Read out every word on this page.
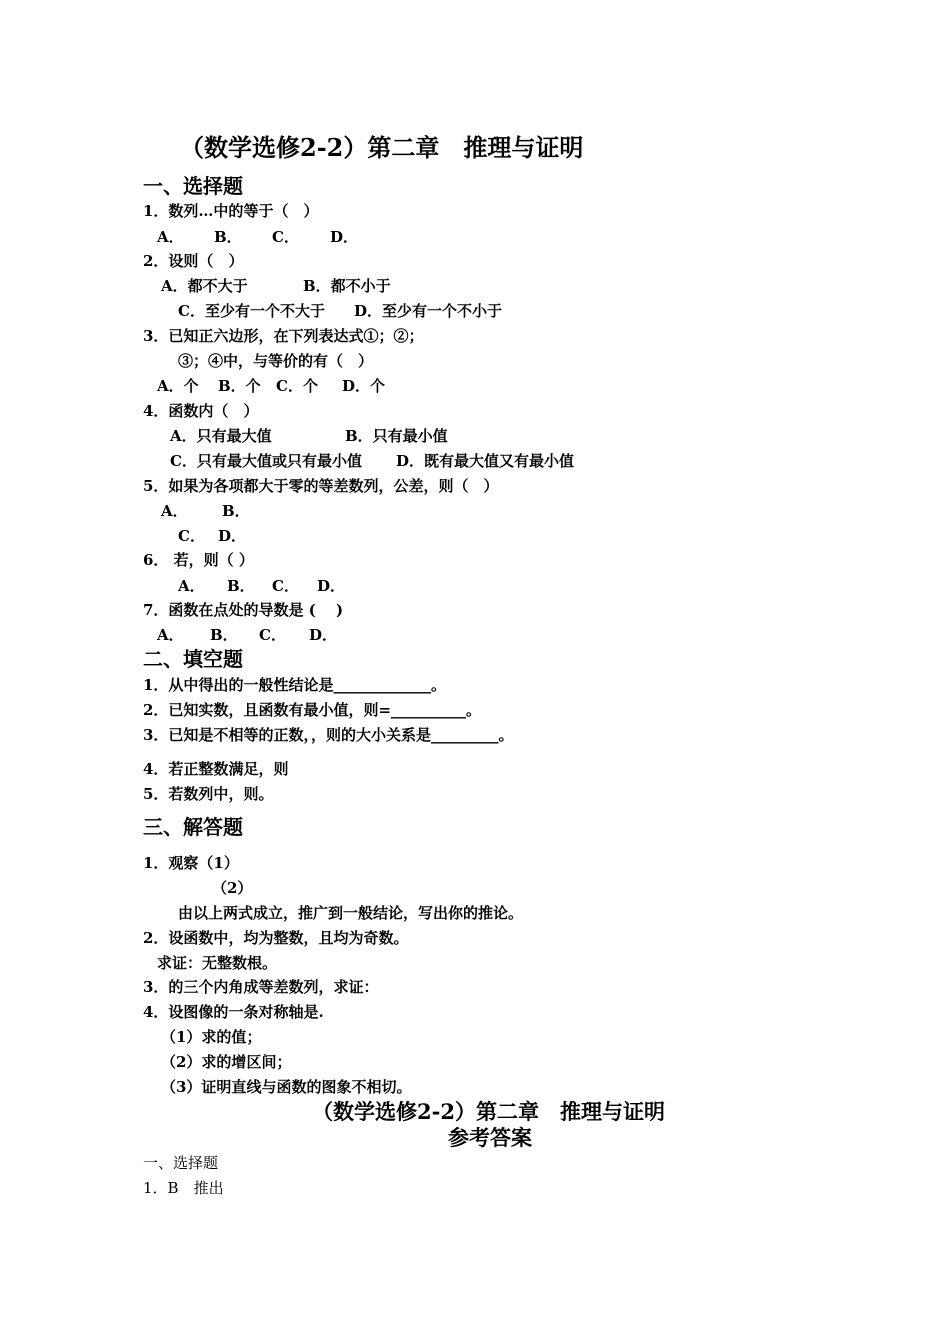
（数学选修2-2）第二章　推理与证明
一、选择题
1．数列…中的等于（　）
A． B． C． D．
2．设则（　）
A．都不大于	B．都不小于
C．至少有一个不大于 D．至少有一个不小于
3．已知正六边形，在下列表达式①；②；
③；④中，与等价的有（　）
A．个 B．个 C．个 D．个
4．函数内（　）
A．只有最大值	B．只有最小值
C．只有最大值或只有最小值 D．既有最大值又有最小值
5．如果为各项都大于零的等差数列，公差，则（　）
A． B．
C． D．
6． 若，则（ ）
A． B． C． D．
7．函数在点处的导数是 (　 )
A． B． C． D．
二、填空题
1．从中得出的一般性结论是_____________。
2．已知实数，且函数有最小值，则=__________。
3．已知是不相等的正数，，则的大小关系是_________。
4．若正整数满足，则
5．若数列中，则。
三、解答题
1．观察（1）
（2）
由以上两式成立，推广到一般结论，写出你的推论。
2．设函数中，均为整数，且均为奇数。
求证：无整数根。
3．的三个内角成等差数列，求证：
4．设图像的一条对称轴是.
（1）求的值；
（2）求的增区间；
（3）证明直线与函数的图象不相切。
（数学选修2-2）第二章　推理与证明
参考答案
一、选择题
1．B　推出
